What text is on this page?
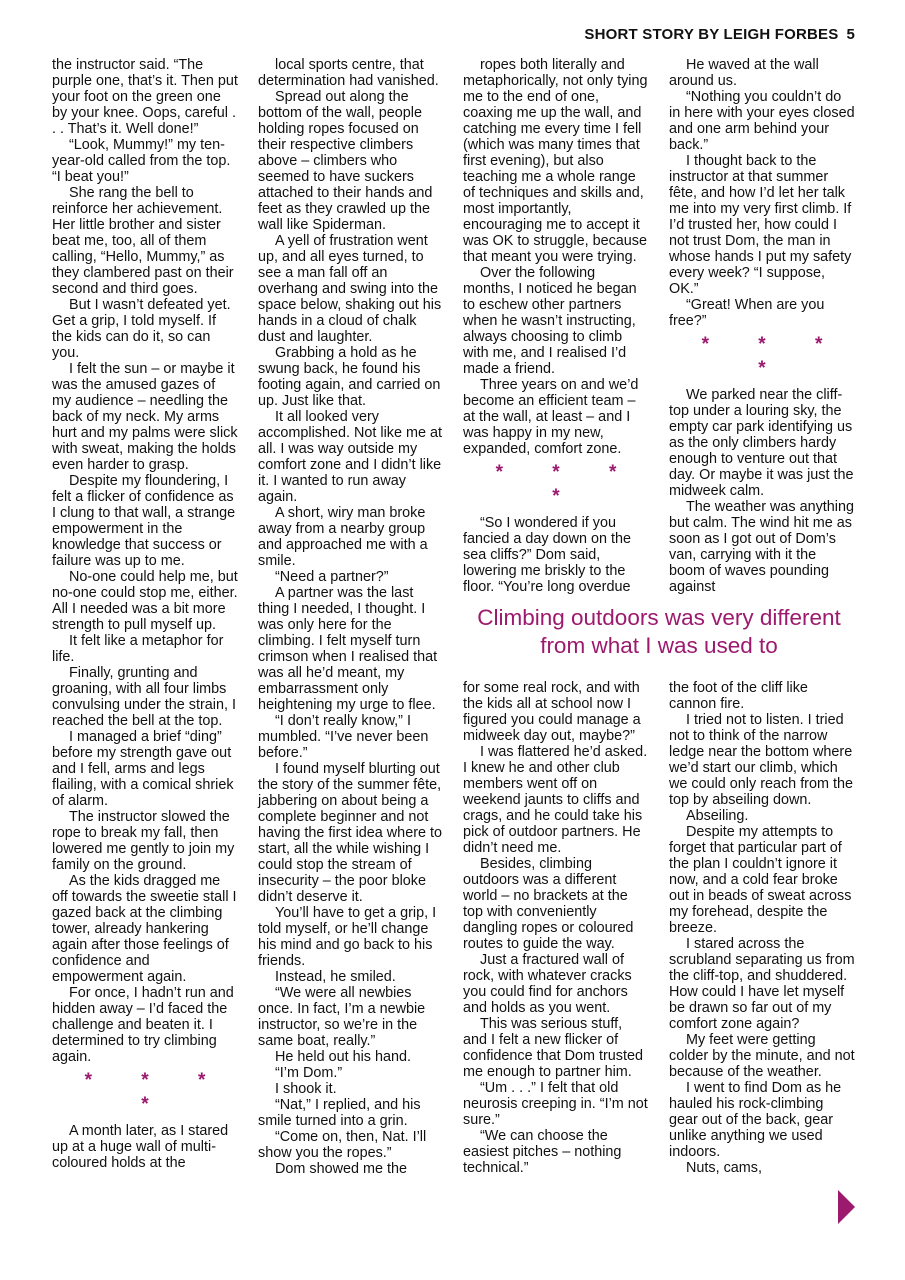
SHORT STORY BY LEIGH FORBES 5

the instructor said. “The purple one, that’s it. Then put your foot on the green one by your knee. Oops, careful . . . That’s it. Well done!”

“Look, Mummy!” my ten-year-old called from the top. “I beat you!”

She rang the bell to reinforce her achievement. Her little brother and sister beat me, too, all of them calling, “Hello, Mummy,” as they clambered past on their second and third goes.

But I wasn’t defeated yet. Get a grip, I told myself. If the kids can do it, so can you.

I felt the sun – or maybe it was the amused gazes of my audience – needling the back of my neck. My arms hurt and my palms were slick with sweat, making the holds even harder to grasp.

Despite my floundering, I felt a flicker of confidence as I clung to that wall, a strange empowerment in the knowledge that success or failure was up to me.

No-one could help me, but no-one could stop me, either. All I needed was a bit more strength to pull myself up.

It felt like a metaphor for life.

Finally, grunting and groaning, with all four limbs convulsing under the strain, I reached the bell at the top.

I managed a brief “ding” before my strength gave out and I fell, arms and legs flailing, with a comical shriek of alarm.

The instructor slowed the rope to break my fall, then lowered me gently to join my family on the ground.

As the kids dragged me off towards the sweetie stall I gazed back at the climbing tower, already hankering again after those feelings of confidence and empowerment again.

For once, I hadn’t run and hidden away – I’d faced the challenge and beaten it. I determined to try climbing again.

* * * *

A month later, as I stared up at a huge wall of multi-coloured holds at the

local sports centre, that determination had vanished.

Spread out along the bottom of the wall, people holding ropes focused on their respective climbers above – climbers who seemed to have suckers attached to their hands and feet as they crawled up the wall like Spiderman.

A yell of frustration went up, and all eyes turned, to see a man fall off an overhang and swing into the space below, shaking out his hands in a cloud of chalk dust and laughter.

Grabbing a hold as he swung back, he found his footing again, and carried on up. Just like that.

It all looked very accomplished. Not like me at all. I was way outside my comfort zone and I didn’t like it. I wanted to run away again.

A short, wiry man broke away from a nearby group and approached me with a smile.

“Need a partner?”

A partner was the last thing I needed, I thought. I was only here for the climbing. I felt myself turn crimson when I realised that was all he’d meant, my embarrassment only heightening my urge to flee.

“I don’t really know,” I mumbled. “I’ve never been before.”

I found myself blurting out the story of the summer fête, jabbering on about being a complete beginner and not having the first idea where to start, all the while wishing I could stop the stream of insecurity – the poor bloke didn’t deserve it.

You’ll have to get a grip, I told myself, or he’ll change his mind and go back to his friends.

Instead, he smiled.

“We were all newbies once. In fact, I’m a newbie instructor, so we’re in the same boat, really.”

He held out his hand.

“I’m Dom.”

I shook it.

“Nat,” I replied, and his smile turned into a grin.

“Come on, then, Nat. I’ll show you the ropes.”

Dom showed me the

ropes both literally and metaphorically, not only tying me to the end of one, coaxing me up the wall, and catching me every time I fell (which was many times that first evening), but also teaching me a whole range of techniques and skills and, most importantly, encouraging me to accept it was OK to struggle, because that meant you were trying.

Over the following months, I noticed he began to eschew other partners when he wasn’t instructing, always choosing to climb with me, and I realised I’d made a friend.

Three years on and we’d become an efficient team – at the wall, at least – and I was happy in my new, expanded, comfort zone.

* * * *

“So I wondered if you fancied a day down on the sea cliffs?” Dom said, lowering me briskly to the floor. “You’re long overdue

He waved at the wall around us.

“Nothing you couldn’t do in here with your eyes closed and one arm behind your back.”

I thought back to the instructor at that summer fête, and how I’d let her talk me into my very first climb. If I’d trusted her, how could I not trust Dom, the man in whose hands I put my safety every week? “I suppose, OK.”

“Great! When are you free?”

* * * *

We parked near the cliff-top under a louring sky, the empty car park identifying us as the only climbers hardy enough to venture out that day. Or maybe it was just the midweek calm.

The weather was anything but calm. The wind hit me as soon as I got out of Dom’s van, carrying with it the boom of waves pounding against

Climbing outdoors was very different from what I was used to

for some real rock, and with the kids all at school now I figured you could manage a midweek day out, maybe?”

I was flattered he’d asked. I knew he and other club members went off on weekend jaunts to cliffs and crags, and he could take his pick of outdoor partners. He didn’t need me.

Besides, climbing outdoors was a different world – no brackets at the top with conveniently dangling ropes or coloured routes to guide the way.

Just a fractured wall of rock, with whatever cracks you could find for anchors and holds as you went.

This was serious stuff, and I felt a new flicker of confidence that Dom trusted me enough to partner him.

“Um . . .” I felt that old neurosis creeping in. “I’m not sure.”

“We can choose the easiest pitches – nothing technical.”

the foot of the cliff like cannon fire.

I tried not to listen. I tried not to think of the narrow ledge near the bottom where we’d start our climb, which we could only reach from the top by abseiling down.

Abseiling.

Despite my attempts to forget that particular part of the plan I couldn’t ignore it now, and a cold fear broke out in beads of sweat across my forehead, despite the breeze.

I stared across the scrubland separating us from the cliff-top, and shuddered. How could I have let myself be drawn so far out of my comfort zone again?

My feet were getting colder by the minute, and not because of the weather.

I went to find Dom as he hauled his rock-climbing gear out of the back, gear unlike anything we used indoors.

Nuts, cams,
